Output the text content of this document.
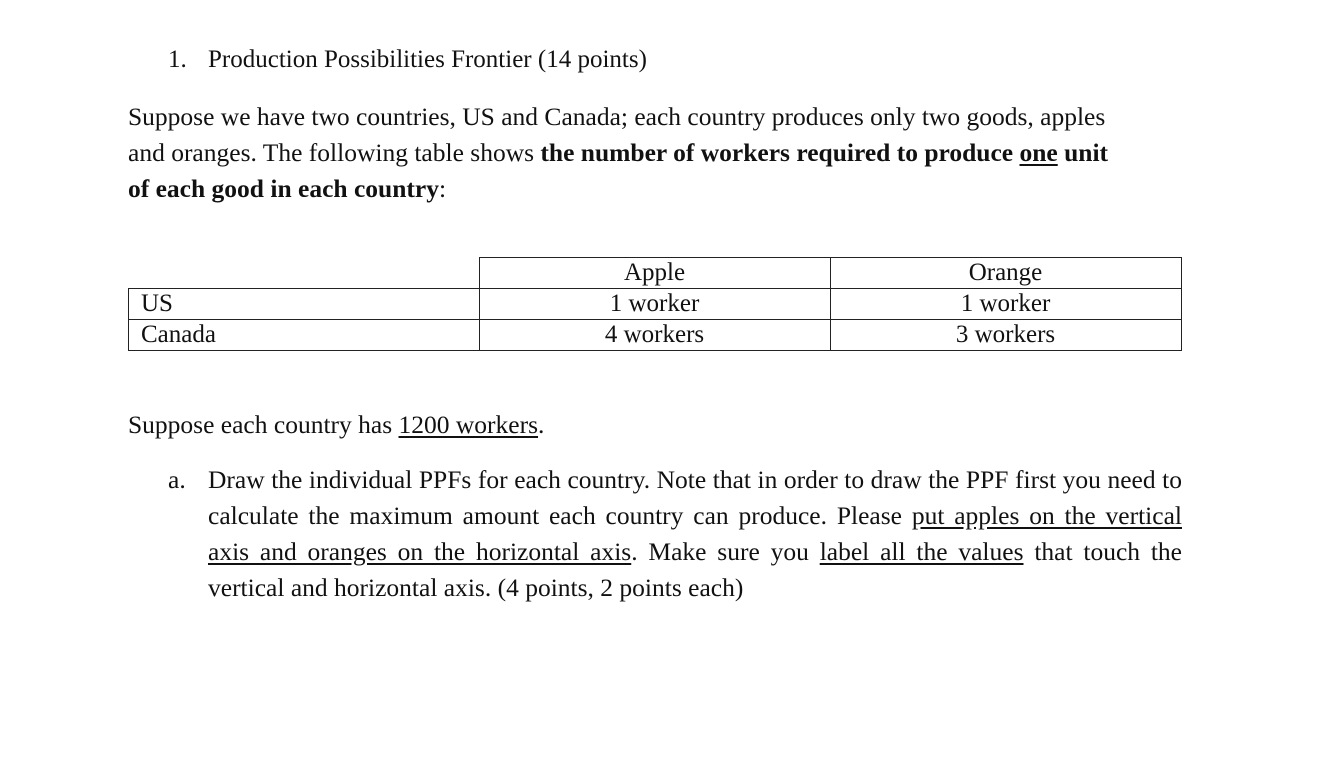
1. Production Possibilities Frontier (14 points)
Suppose we have two countries, US and Canada; each country produces only two goods, apples
and oranges. The following table shows the number of workers required to produce one unit
of each good in each country:
	Apple	Orange
US	1 worker	1 worker
Canada	4 workers	3 workers
Suppose each country has 1200 workers.
a. Draw the individual PPFs for each country. Note that in order to draw the PPF first you need to calculate the maximum amount each country can produce. Please put apples on the vertical axis and oranges on the horizontal axis. Make sure you label all the values that touch the vertical and horizontal axis. (4 points, 2 points each)
